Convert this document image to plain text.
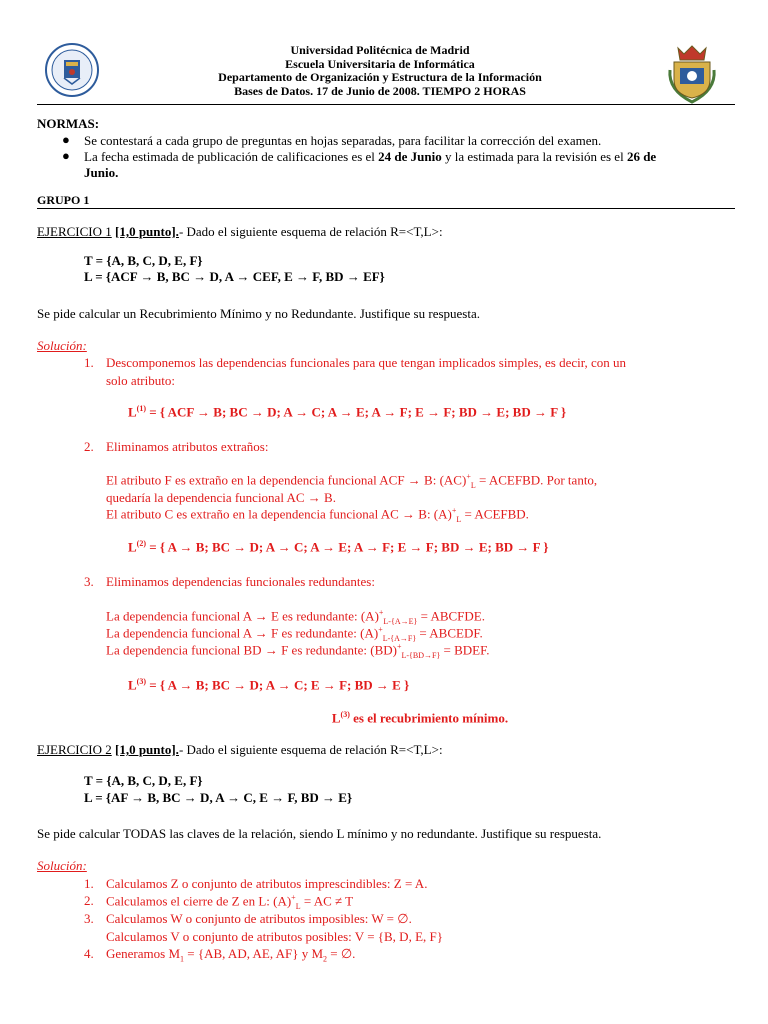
Universidad Politécnica de Madrid
Escuela Universitaria de Informática
Departamento de Organización y Estructura de la Información
Bases de Datos. 17 de Junio de 2008. TIEMPO 2 HORAS
NORMAS:
● Se contestará a cada grupo de preguntas en hojas separadas, para facilitar la corrección del examen.
● La fecha estimada de publicación de calificaciones es el 24 de Junio y la estimada para la revisión es el 26 de
Junio.
GRUPO 1
EJERCICIO 1 [1,0 punto].- Dado el siguiente esquema de relación R=<T,L>:
T = {A, B, C, D, E, F}
L = {ACF → B, BC → D, A → CEF, E → F, BD → EF}
Se pide calcular un Recubrimiento Mínimo y no Redundante. Justifique su respuesta.
Solución:
1. Descomponemos las dependencias funcionales para que tengan implicados simples, es decir, con un
solo atributo:
$L^{(1)}$ = { ACF → B; BC → D; A → C; A → E; A → F; E → F; BD → E; BD → F }
2. Eliminamos atributos extraños:
El atributo F es extraño en la dependencia funcional ACF → B: $(AC)^+_L$ = ACEFBD. Por tanto,
quedaría la dependencia funcional AC → B.
El atributo C es extraño en la dependencia funcional AC → B: $(A)^+_L$ = ACEFBD.
$L^{(2)}$ = { A → B; BC → D; A → C; A → E; A → F; E → F; BD → E; BD → F }
3. Eliminamos dependencias funcionales redundantes:
La dependencia funcional A → E es redundante: $(A)^+_{L-\{A\to E\}}$ = ABCFDE.
La dependencia funcional A → F es redundante: $(A)^+_{L-\{A\to F\}}$ = ABCEDF.
La dependencia funcional BD → F es redundante: $(BD)^+_{L-\{BD\to F\}}$ = BDEF.
$L^{(3)}$ = { A → B; BC → D; A → C; E → F; BD → E }
$L^{(3)}$ es el recubrimiento mínimo.
EJERCICIO 2 [1,0 punto].- Dado el siguiente esquema de relación R=<T,L>:
T = {A, B, C, D, E, F}
L = {AF → B, BC → D, A → C, E → F, BD → E}
Se pide calcular TODAS las claves de la relación, siendo L mínimo y no redundante. Justifique su respuesta.
Solución:
1. Calculamos Z o conjunto de atributos imprescindibles: Z = A.
2. Calculamos el cierre de Z en L: $(A)^+_L$ = AC ≠ T
3. Calculamos W o conjunto de atributos imposibles: W = ∅.
Calculamos V o conjunto de atributos posibles: V = {B, D, E, F}
4. Generamos $M_1 = \{AB$, AD, AE, AF} y $M_2$ = ∅.
